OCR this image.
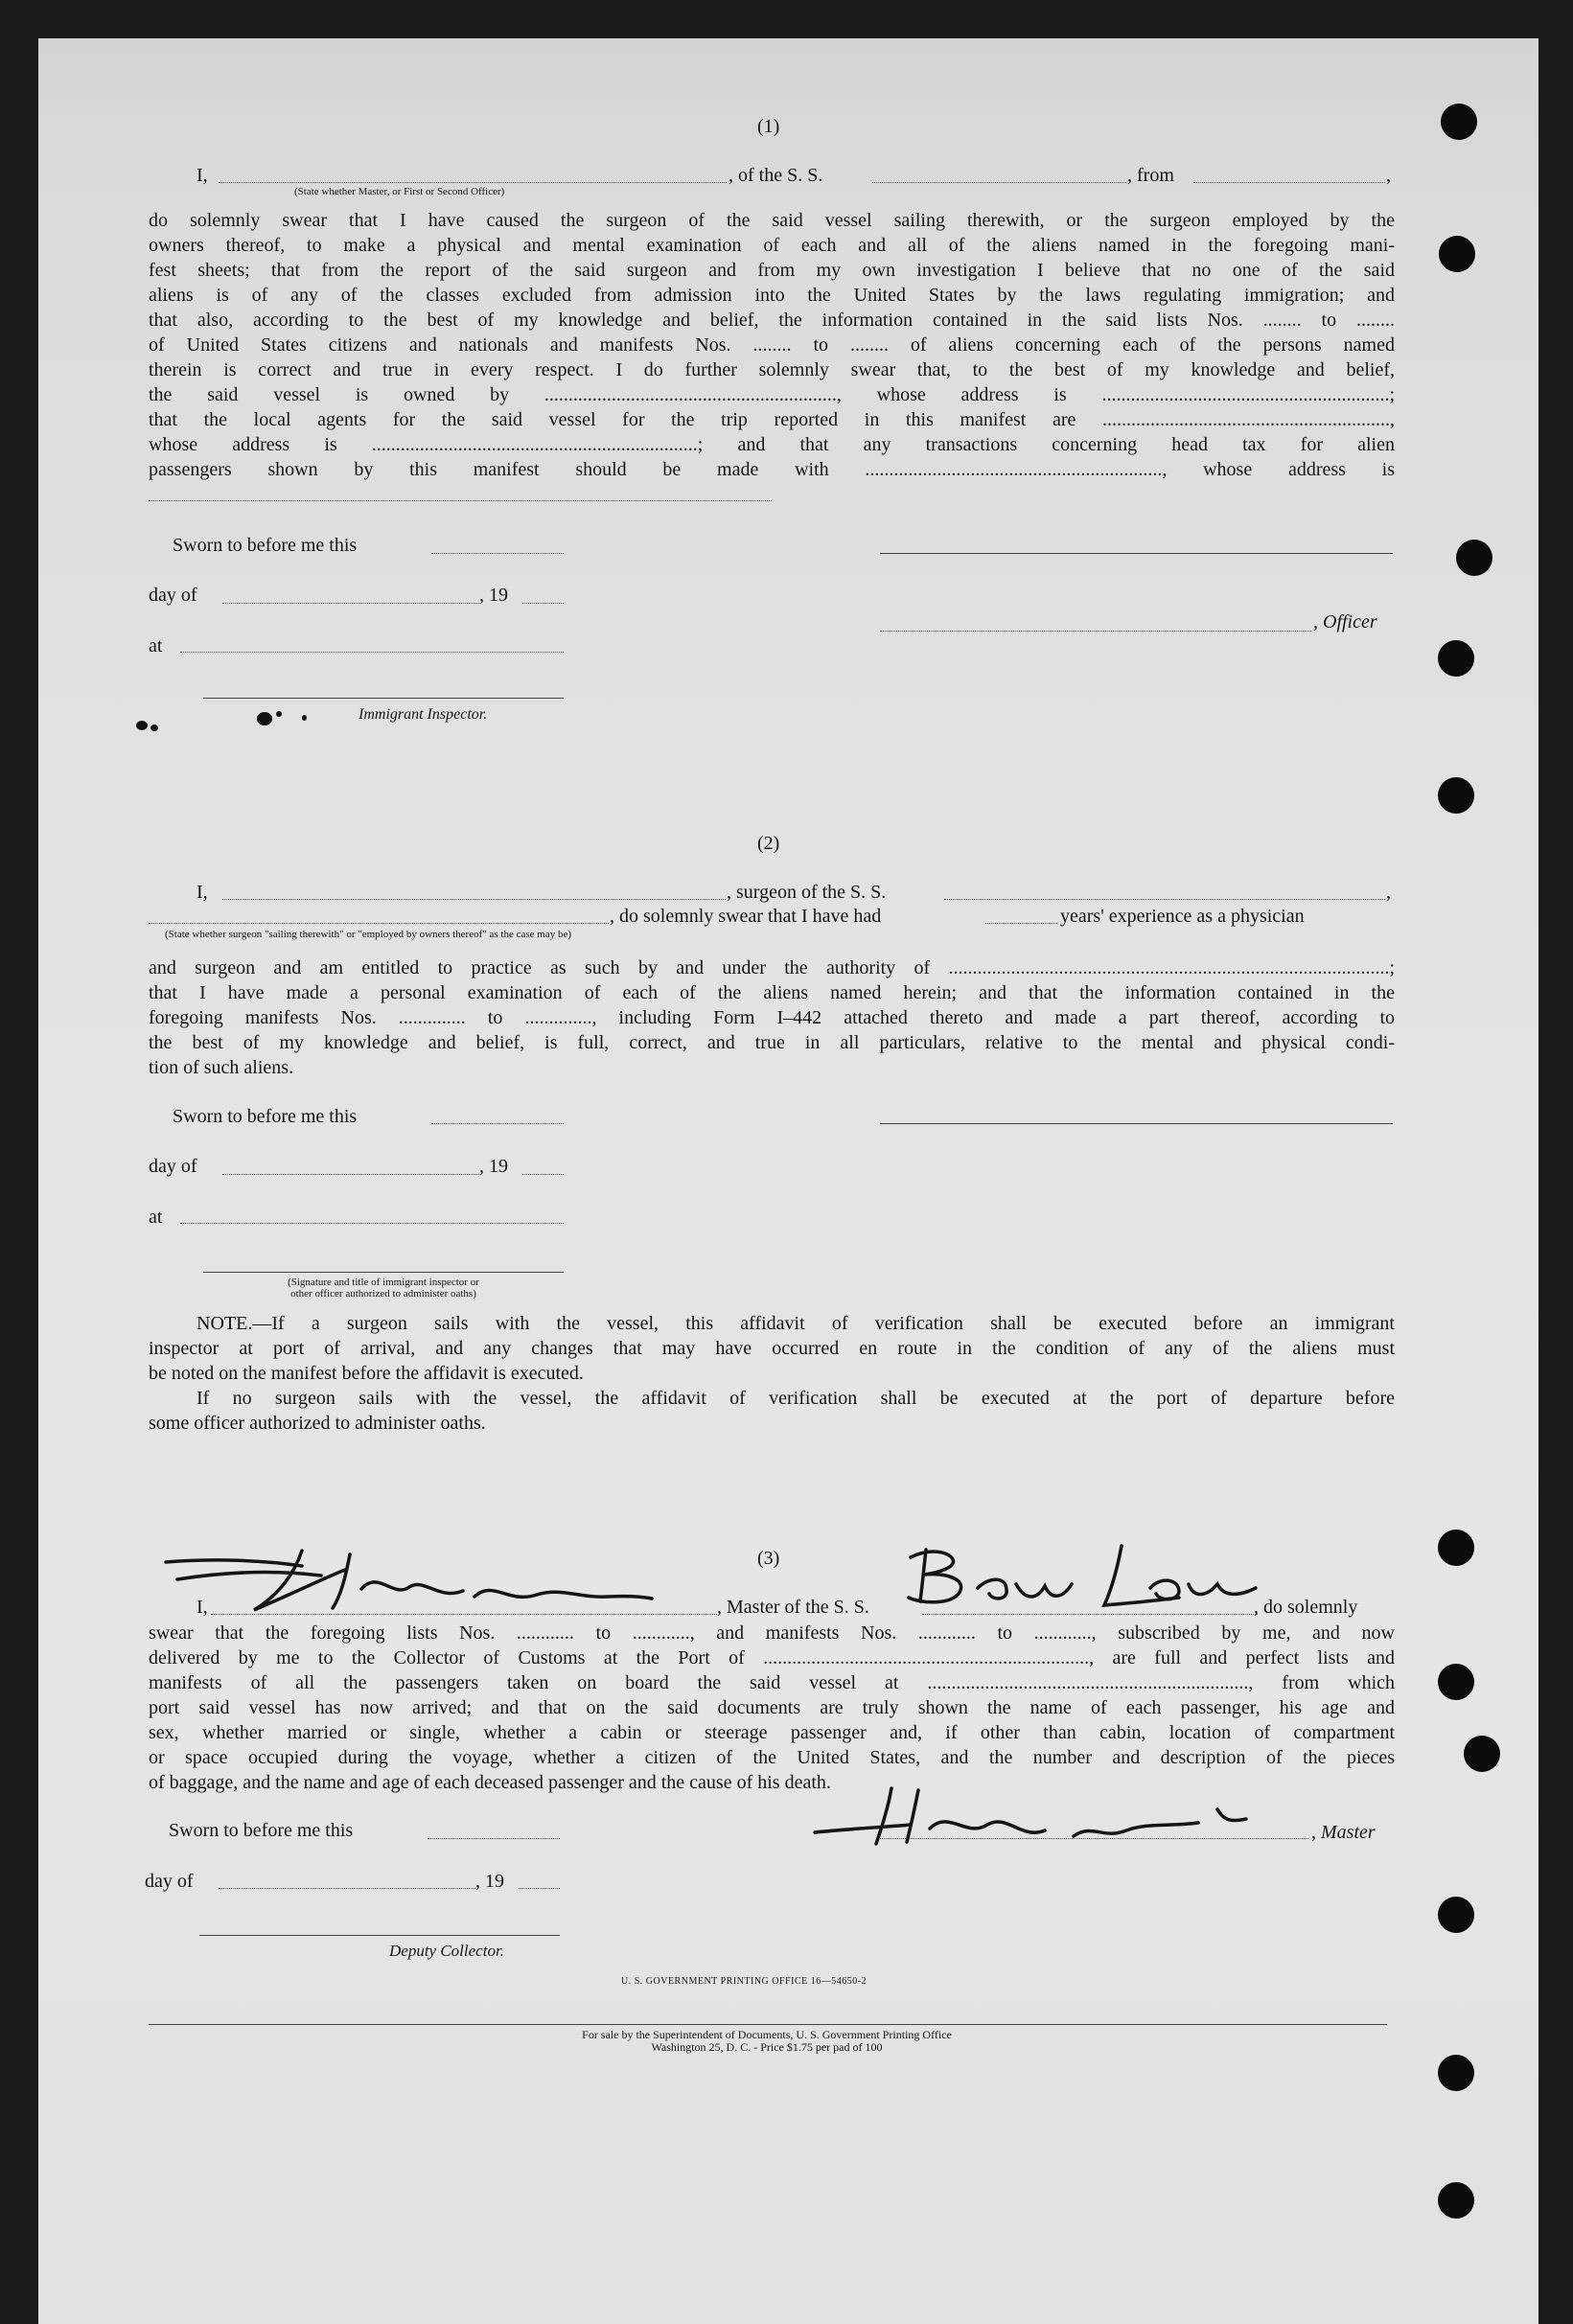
(1)
I,	, of the S. S.	, from	,
(State whether Master, or First or Second Officer)
do solemnly swear that I have caused the surgeon of the said vessel sailing therewith, or the surgeon employed by the
owners thereof, to make a physical and mental examination of each and all of the aliens named in the foregoing mani-
fest sheets; that from the report of the said surgeon and from my own investigation I believe that no one of the said
aliens is of any of the classes excluded from admission into the United States by the laws regulating immigration; and
that also, according to the best of my knowledge and belief, the information contained in the said lists Nos. ........ to ........
of United States citizens and nationals and manifests Nos. ........ to ........ of aliens concerning each of the persons named
therein is correct and true in every respect. I do further solemnly swear that, to the best of my knowledge and belief,
the said vessel is owned by ............................................................., whose address is ............................................................;
that the local agents for the said vessel for the trip reported in this manifest are ............................................................,
whose address is ....................................................................; and that any transactions concerning head tax for alien
passengers shown by this manifest should be made with .............................................................., whose address is
Sworn to before me this
day of	, 19
, Officer
at
Immigrant Inspector.
(2)
I,	, surgeon of the S. S.	,
, do solemnly swear that I have had	years' experience as a physician
(State whether surgeon "sailing therewith" or "employed by owners thereof" as the case may be)
and surgeon and am entitled to practice as such by and under the authority of ............................................................................................;
that I have made a personal examination of each of the aliens named herein; and that the information contained in the
foregoing manifests Nos. .............. to .............., including Form I–442 attached thereto and made a part thereof, according to
the best of my knowledge and belief, is full, correct, and true in all particulars, relative to the mental and physical condi-
tion of such aliens.
Sworn to before me this
day of	, 19
at
(Signature and title of immigrant inspector or
other officer authorized to administer oaths)
NOTE.—If a surgeon sails with the vessel, this affidavit of verification shall be executed before an immigrant
inspector at port of arrival, and any changes that may have occurred en route in the condition of any of the aliens must
be noted on the manifest before the affidavit is executed.
If no surgeon sails with the vessel, the affidavit of verification shall be executed at the port of departure before
some officer authorized to administer oaths.
(3)
I,	, Master of the S. S.	, do solemnly
swear that the foregoing lists Nos. ............ to ............, and manifests Nos. ............ to ............, subscribed by me, and now
delivered by me to the Collector of Customs at the Port of ...................................................................., are full and perfect lists and
manifests of all the passengers taken on board the said vessel at ..................................................................., from which
port said vessel has now arrived; and that on the said documents are truly shown the name of each passenger, his age and
sex, whether married or single, whether a cabin or steerage passenger and, if other than cabin, location of compartment
or space occupied during the voyage, whether a citizen of the United States, and the number and description of the pieces
of baggage, and the name and age of each deceased passenger and the cause of his death.
Sworn to before me this	, Master
day of	, 19
Deputy Collector.
U. S. GOVERNMENT PRINTING OFFICE 16—54650-2
For sale by the Superintendent of Documents, U. S. Government Printing Office
Washington 25, D. C. - Price $1.75 per pad of 100
